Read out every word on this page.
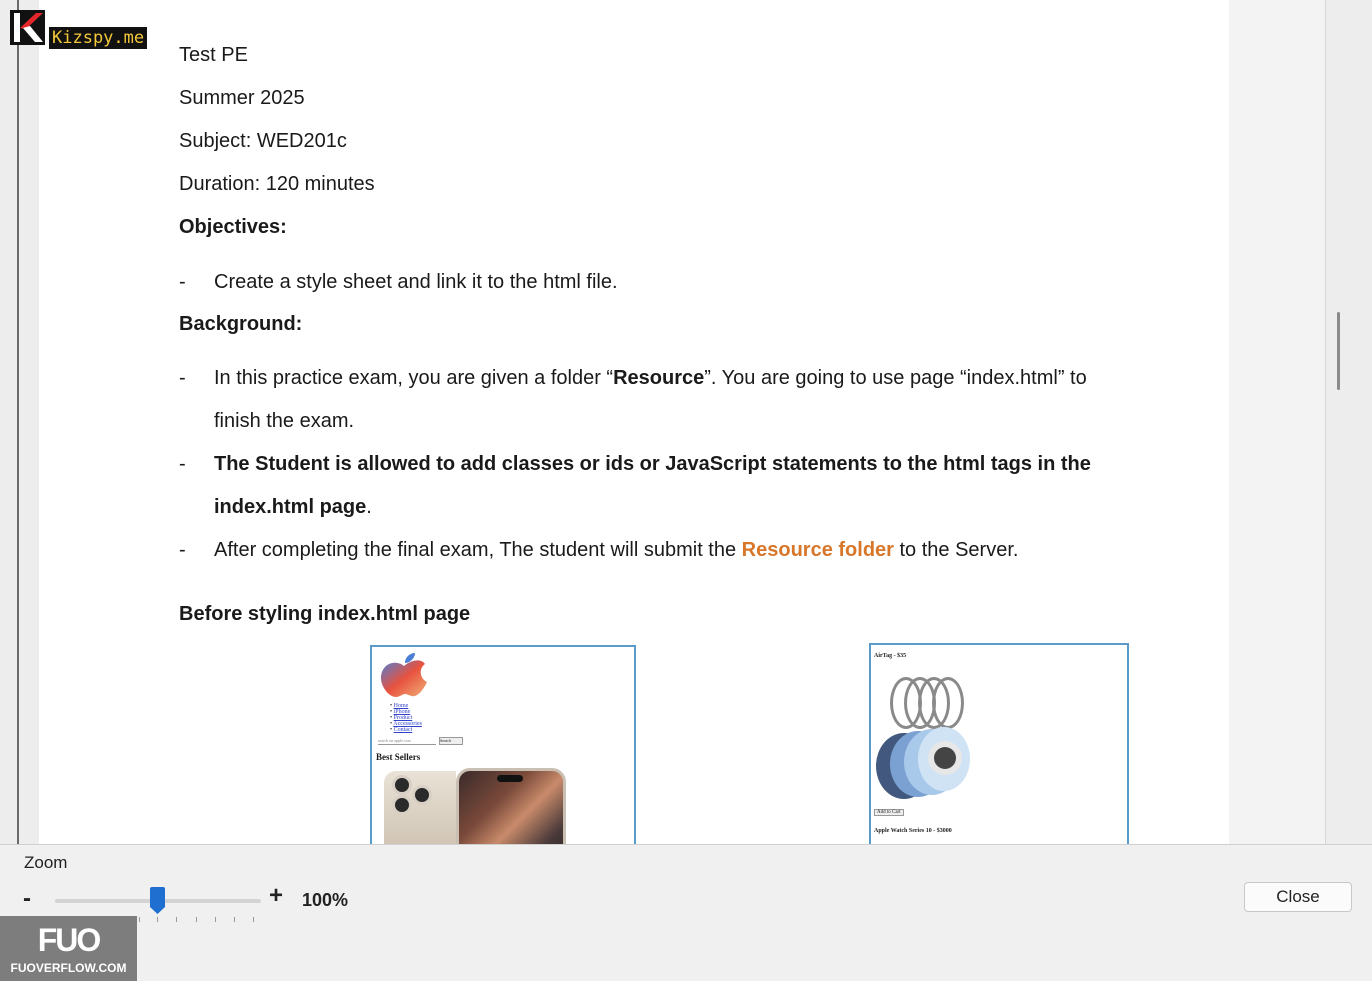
Test PE
Summer 2025
Subject: WED201c
Duration: 120 minutes
Objectives:
- Create a style sheet and link it to the html file.
Background:
- In this practice exam, you are given a folder “Resource”. You are going to use page “index.html” to
finish the exam.
- The Student is allowed to add classes or ids or JavaScript statements to the html tags in the
index.html page.
- After completing the final exam, The student will submit the Resource folder to the Server.
Before styling index.html page
• Home
• iPhone
• Product
• Accessories
• Contact
search on apple.com	Search
Best Sellers
AirTag - $35
Add to Cart
Apple Watch Series 10 - $3000
Kizspy.me
Zoom
-	+ 100%	Close
FUO
FUOVERFLOW.COM
